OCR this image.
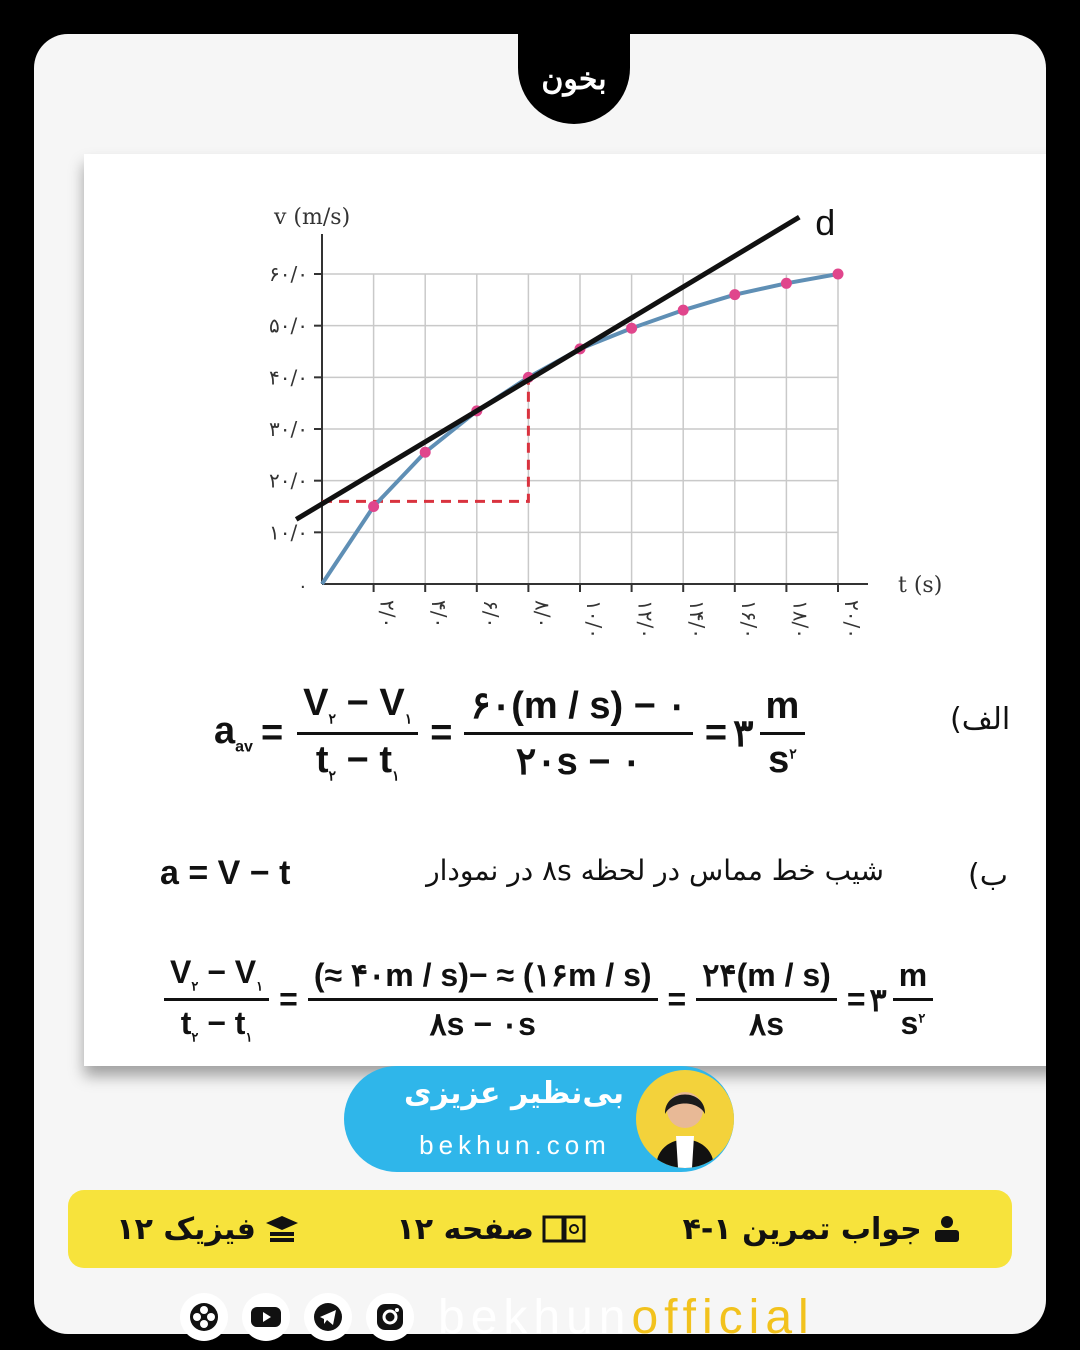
بخون
v (m/s)
t (s)
۰
۱۰/۰
۲۰/۰
۳۰/۰
۴۰/۰
۵۰/۰
۶۰/۰
۲/۰ ۴/۰ ۶/۰ ۸/۰ ۱۰/۰ ۱۲/۰ ۱۴/۰ ۱۶/۰ ۱۸/۰ ۲۰/۰
d
الف)
$a_{av} = \frac{V_۲ - V_۱}{t_۲ - t_۱} = \frac{۶۰(m / s) - ۰}{۲۰s - ۰}$ = ۳ $\frac{m}{s^۲}$
ب)
شیب خط مماس در لحظه ۸s در نمودار
a = V − t
$\frac{V_۲ - V_۱}{t_۲ - t_۱} = \frac{(\approx ۴۰m / s)- \approx (۱۶m / s)}{۸s - ۰s} = \frac{۲۴(m / s)}{۸s}$ = ۳ $\frac{m}{s^۲}$
بی‌نظیر عزیزی
bekhun.com
جواب تمرین ۱-۴
صفحه ۱۲
فیزیک ۱۲
bekhunofficial
